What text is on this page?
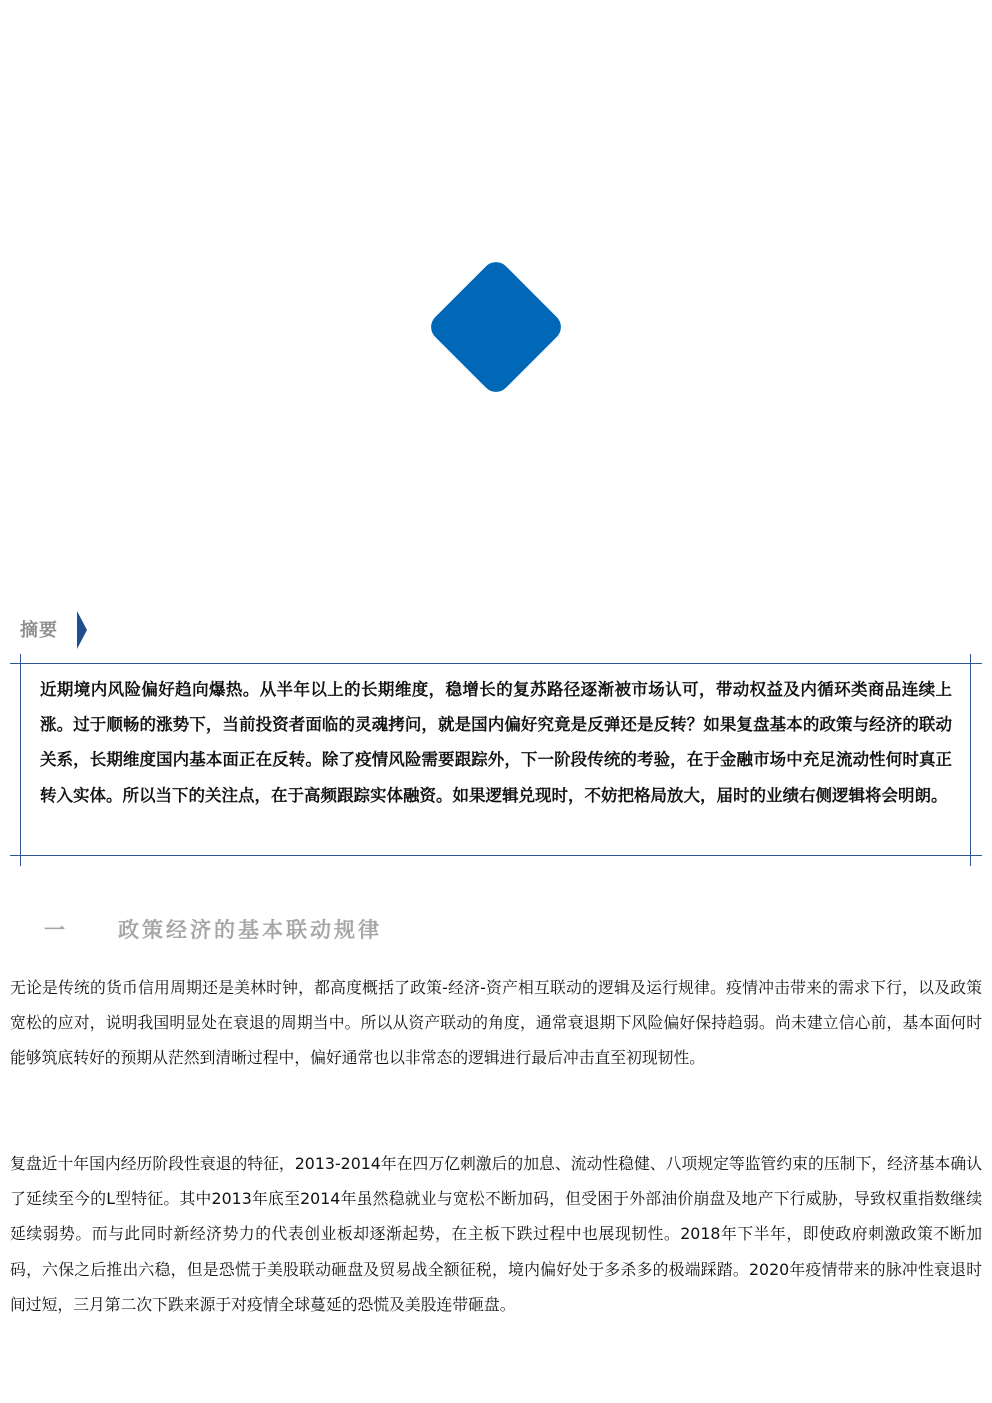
摘要

近期境内风险偏好趋向爆热。从半年以上的长期维度，稳增长的复苏路径逐渐被市场认可，带动权益及内循环类商品连续上涨。过于顺畅的涨势下，当前投资者面临的灵魂拷问，就是国内偏好究竟是反弹还是反转？如果复盘基本的政策与经济的联动关系，长期维度国内基本面正在反转。除了疫情风险需要跟踪外，下一阶段传统的考验，在于金融市场中充足流动性何时真正转入实体。所以当下的关注点，在于高频跟踪实体融资。如果逻辑兑现时，不妨把格局放大，届时的业绩右侧逻辑将会明朗。

一 政策经济的基本联动规律

无论是传统的货币信用周期还是美林时钟，都高度概括了政策-经济-资产相互联动的逻辑及运行规律。疫情冲击带来的需求下行，以及政策宽松的应对，说明我国明显处在衰退的周期当中。所以从资产联动的角度，通常衰退期下风险偏好保持趋弱。尚未建立信心前，基本面何时能够筑底转好的预期从茫然到清晰过程中，偏好通常也以非常态的逻辑进行最后冲击直至初现韧性。

复盘近十年国内经历阶段性衰退的特征，2013-2014年在四万亿刺激后的加息、流动性稳健、八项规定等监管约束的压制下，经济基本确认了延续至今的L型特征。其中2013年底至2014年虽然稳就业与宽松不断加码，但受困于外部油价崩盘及地产下行威胁，导致权重指数继续延续弱势。而与此同时新经济势力的代表创业板却逐渐起势，在主板下跌过程中也展现韧性。2018年下半年，即使政府刺激政策不断加码，六保之后推出六稳，但是恐慌于美股联动砸盘及贸易战全额征税，境内偏好处于多杀多的极端踩踏。2020年疫情带来的脉冲性衰退时间过短，三月第二次下跌来源于对疫情全球蔓延的恐慌及美股连带砸盘。
